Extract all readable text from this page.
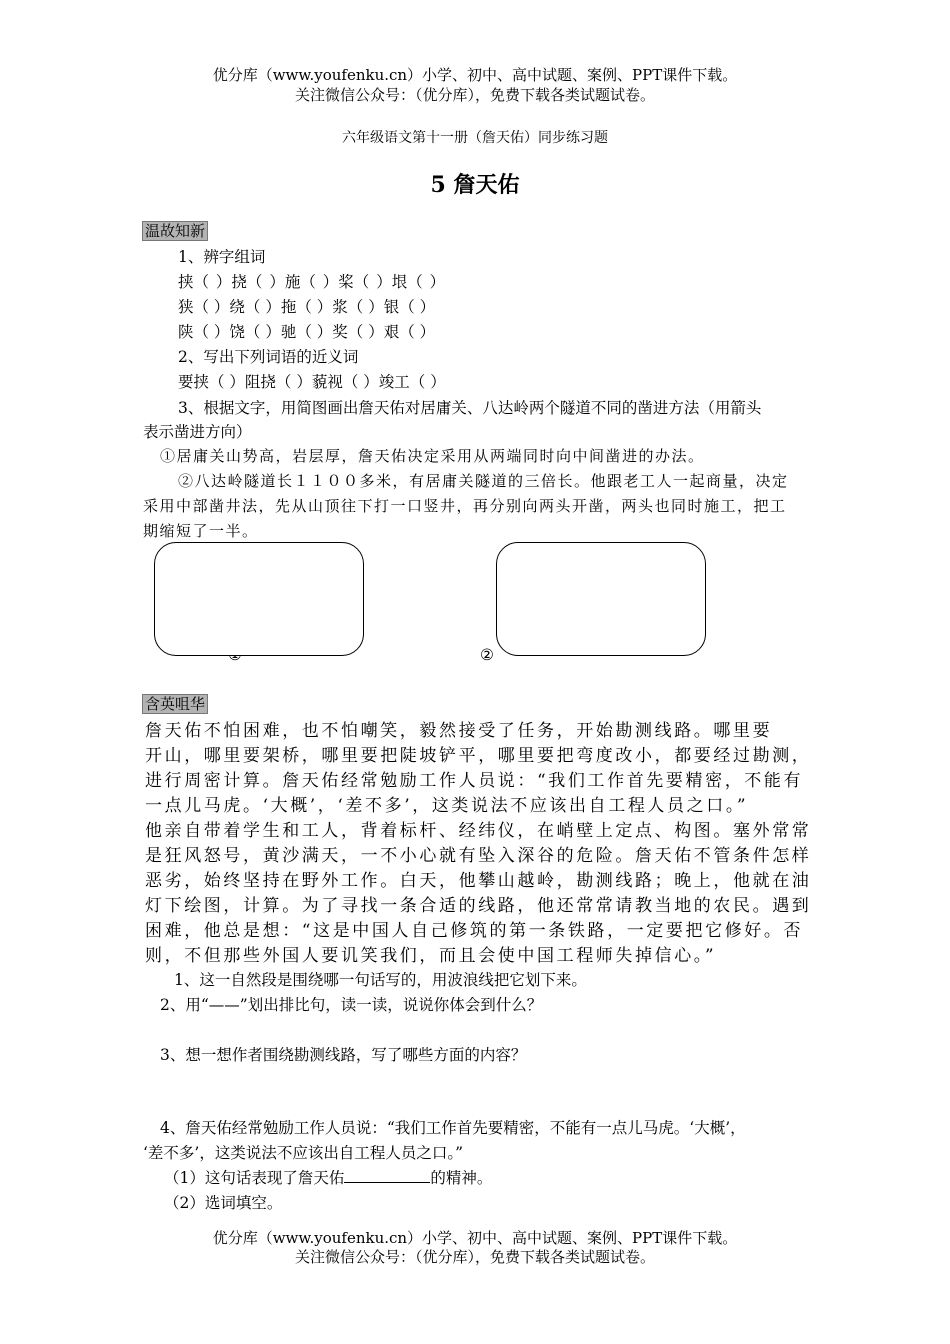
优分库（www.youfenku.cn）小学、初中、高中试题、案例、PPT课件下载。
关注微信公众号：（优分库），免费下载各类试题试卷。
六年级语文第十一册（詹天佑）同步练习题
5 詹天佑
温故知新
1、辨字组词
挟（ ）挠（ ）施（ ）桨（ ）垠（ ）
狭（ ）绕（ ）拖（ ）浆（ ）银（ ）
陕（ ）饶（ ）驰（ ）奖（ ）艰（ ）
2、写出下列词语的近义词
要挟（ ）阻挠（ ）藐视（ ）竣工（ ）
3、根据文字，用简图画出詹天佑对居庸关、八达岭两个隧道不同的凿进方法（用箭头
表示凿进方向）
①居庸关山势高，岩层厚，詹天佑决定采用从两端同时向中间凿进的办法。
②八达岭隧道长１１００多米，有居庸关隧道的三倍长。他跟老工人一起商量，决定
采用中部凿井法，先从山顶往下打一口竖井，再分别向两头开凿，两头也同时施工，把工
期缩短了一半。
②
含英咀华
詹天佑不怕困难，也不怕嘲笑，毅然接受了任务，开始勘测线路。哪里要
开山，哪里要架桥，哪里要把陡坡铲平，哪里要把弯度改小，都要经过勘测，
进行周密计算。詹天佑经常勉励工作人员说：“我们工作首先要精密，不能有
一点儿马虎。‘大概’，‘差不多’，这类说法不应该出自工程人员之口。”
他亲自带着学生和工人，背着标杆、经纬仪，在峭壁上定点、构图。塞外常常
是狂风怒号，黄沙满天，一不小心就有坠入深谷的危险。詹天佑不管条件怎样
恶劣，始终坚持在野外工作。白天，他攀山越岭，勘测线路；晚上，他就在油
灯下绘图，计算。为了寻找一条合适的线路，他还常常请教当地的农民。遇到
困难，他总是想：“这是中国人自己修筑的第一条铁路，一定要把它修好。否
则，不但那些外国人要讥笑我们，而且会使中国工程师失掉信心。”
1、这一自然段是围绕哪一句话写的，用波浪线把它划下来。
2、用“——”划出排比句，读一读，说说你体会到什么？
3、想一想作者围绕勘测线路，写了哪些方面的内容？
4、詹天佑经常勉励工作人员说：“我们工作首先要精密，不能有一点儿马虎。‘大概’，
‘差不多’，这类说法不应该出自工程人员之口。”
（1）这句话表现了詹天佑	的精神。
（2）选词填空。
优分库（www.youfenku.cn）小学、初中、高中试题、案例、PPT课件下载。
关注微信公众号：（优分库），免费下载各类试题试卷。
